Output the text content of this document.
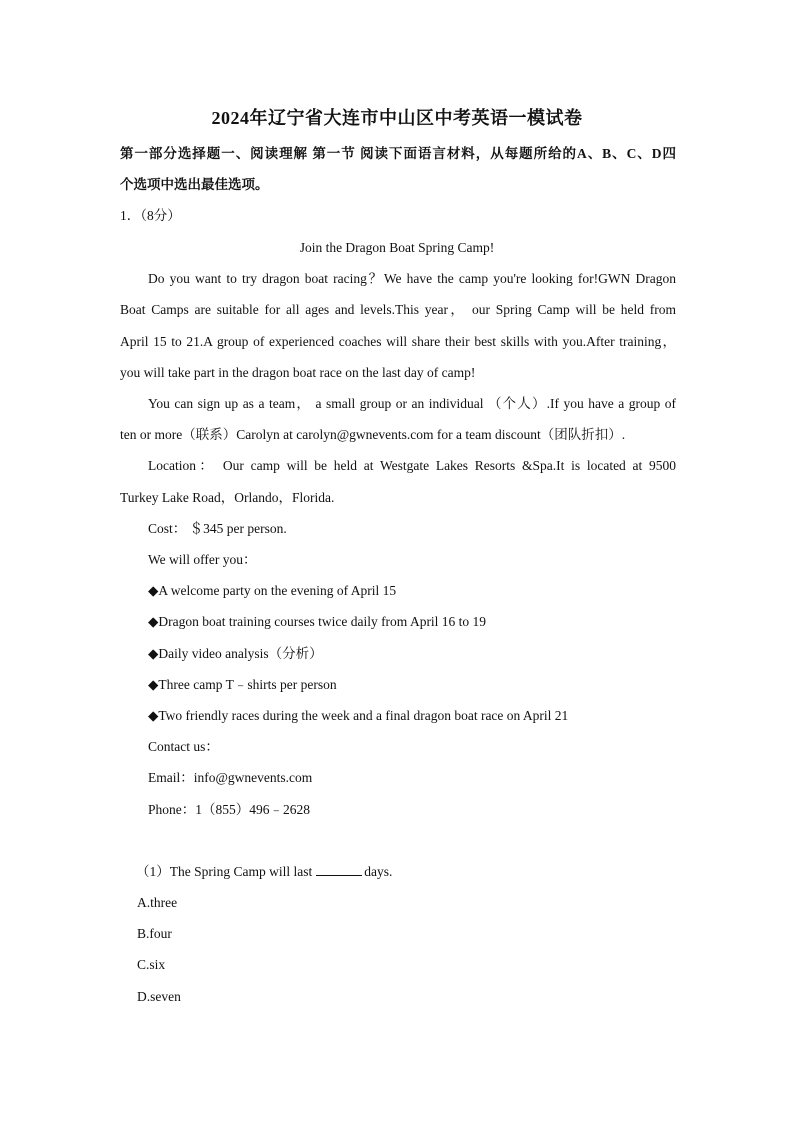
2024年辽宁省大连市中山区中考英语一模试卷
第一部分选择题一、阅读理解 第一节 阅读下面语言材料，从每题所给的A、B、C、D四
个选项中选出最佳选项。
1．（8分）
Join the Dragon Boat Spring Camp!
Do you want to try dragon boat racing？We have the camp you're looking for!GWN Dragon
Boat Camps are suitable for all ages and levels.This year， our Spring Camp will be held from
April 15 to 21.A group of experienced coaches will share their best skills with you.After training，
you will take part in the dragon boat race on the last day of camp!
You can sign up as a team， a small group or an individual （个人）.If you have a group of
ten or more（联系）Carolyn at carolyn@gwnevents.com for a team discount（团队折扣）.
Location： Our camp will be held at Westgate Lakes Resorts &Spa.It is located at 9500
Turkey Lake Road，Orlando，Florida.
Cost： ＄345 per person.
We will offer you：
◆A welcome party on the evening of April 15
◆Dragon boat training courses twice daily from April 16 to 19
◆Daily video analysis（分析）
◆Three camp T﹣shirts per person
◆Two friendly races during the week and a final dragon boat race on April 21
Contact us：
Email：info@gwnevents.com
Phone：1（855）496﹣2628
（1）The Spring Camp will last	days.
A.three
B.four
C.six
D.seven
